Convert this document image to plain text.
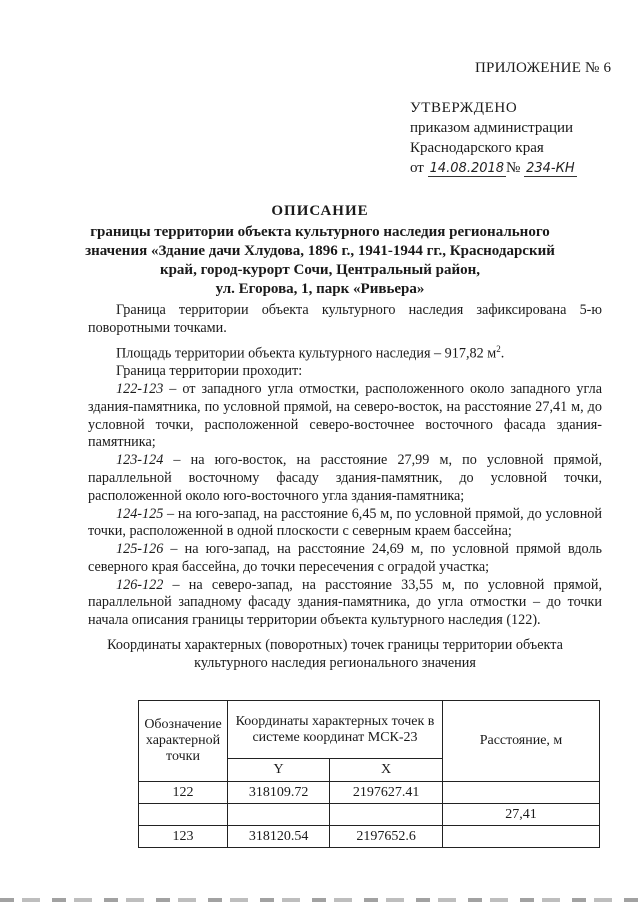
ПРИЛОЖЕНИЕ № 6
УТВЕРЖДЕНО
приказом администрации
Краснодарского края
от 14.08.2018 № 234-КН
ОПИСАНИЕ
границы территории объекта культурного наследия регионального
значения «Здание дачи Хлудова, 1896 г., 1941-1944 гг., Краснодарский
край, город-курорт Сочи, Центральный район,
ул. Егорова, 1, парк «Ривьера»

Граница территории объекта культурного наследия зафиксирована 5-ю поворотными точками.

Площадь территории объекта культурного наследия – 917,82 $м^2$.

Граница территории проходит:

122-123 – от западного угла отмостки, расположенного около западного угла здания-памятника, по условной прямой, на северо-восток, на расстояние 27,41 м, до условной точки, расположенной северо-восточнее восточного фасада здания-памятника;

123-124 – на юго-восток, на расстояние 27,99 м, по условной прямой, параллельной восточному фасаду здания-памятник, до условной точки, расположенной около юго-восточного угла здания-памятника;

124-125 – на юго-запад, на расстояние 6,45 м, по условной прямой, до условной точки, расположенной в одной плоскости с северным краем бассейна;

125-126 – на юго-запад, на расстояние 24,69 м, по условной прямой вдоль северного края бассейна, до точки пересечения с оградой участка;

126-122 – на северо-запад, на расстояние 33,55 м, по условной прямой, параллельной западному фасаду здания-памятника, до угла отмостки – до точки начала описания границы территории объекта культурного наследия (122).

Координаты характерных (поворотных) точек границы территории объекта
культурного наследия регионального значения
Обозначение характерной точки	Координаты характерных точек в системе координат МСК-23		Расстояние, м
	Y	X	
122	318109.72	2197627.41	
			27,41
123	318120.54	2197652.6	
